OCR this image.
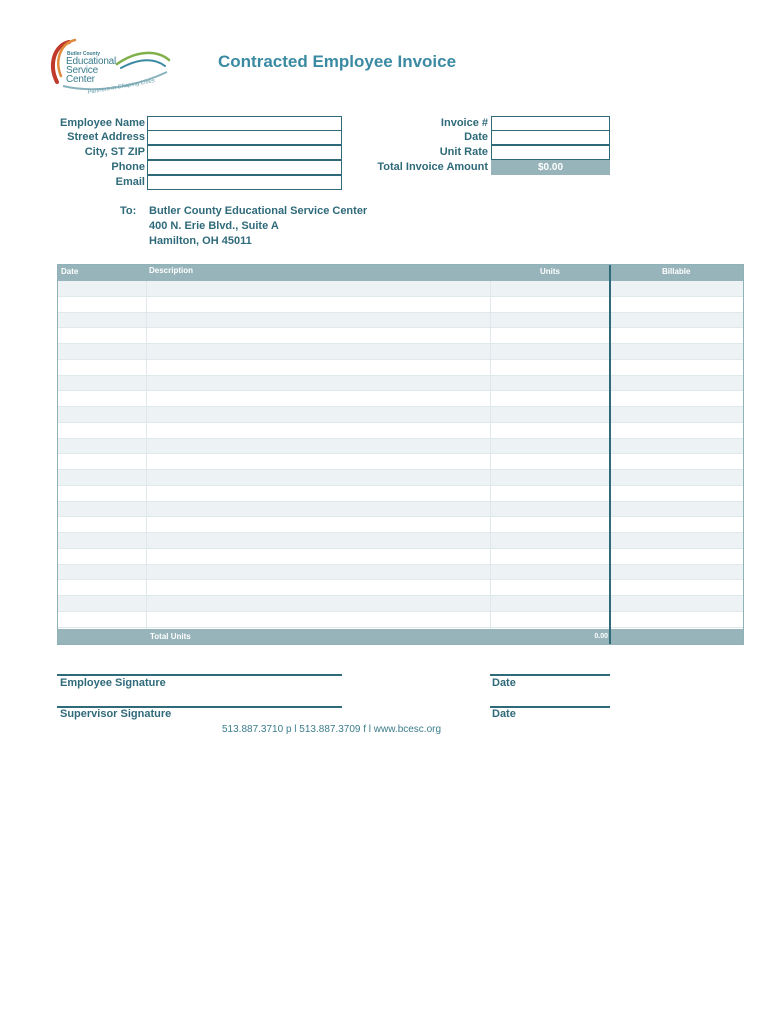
Butler County
Educational
Service
Center
Partners in Shaping Lives
Contracted Employee Invoice
Employee Name
Street Address
City, ST ZIP
Phone
Email
Invoice #
Date
Unit Rate
Total Invoice Amount	$0.00
To: Butler County Educational Service Center
400 N. Erie Blvd., Suite A
Hamilton, OH 45011
Date	Description	Units	Billable
Total Units	0.00
Employee Signature	Date
Supervisor Signature	Date
513.887.3710 p l 513.887.3709 f l www.bcesc.org
